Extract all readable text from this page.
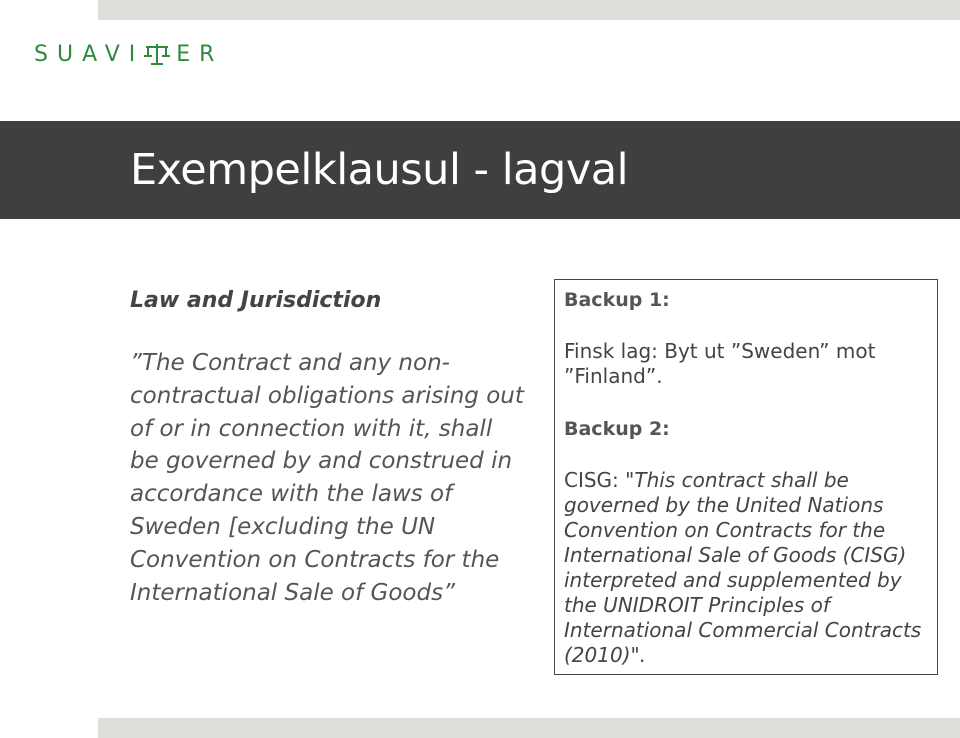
SUAVI ER
Exempelklausul - lagval

Law and Jurisdiction

”The Contract and any non-contractual obligations arising out of or in connection with it, shall be governed by and construed in accordance with the laws of Sweden [excluding the UN Convention on Contracts for the International Sale of Goods”

Backup 1:

Finsk lag: Byt ut ”Sweden” mot ”Finland”.

Backup 2:

CISG: "This contract shall be governed by the United Nations Convention on Contracts for the International Sale of Goods (CISG) interpreted and supplemented by the UNIDROIT Principles of International Commercial Contracts (2010)".
